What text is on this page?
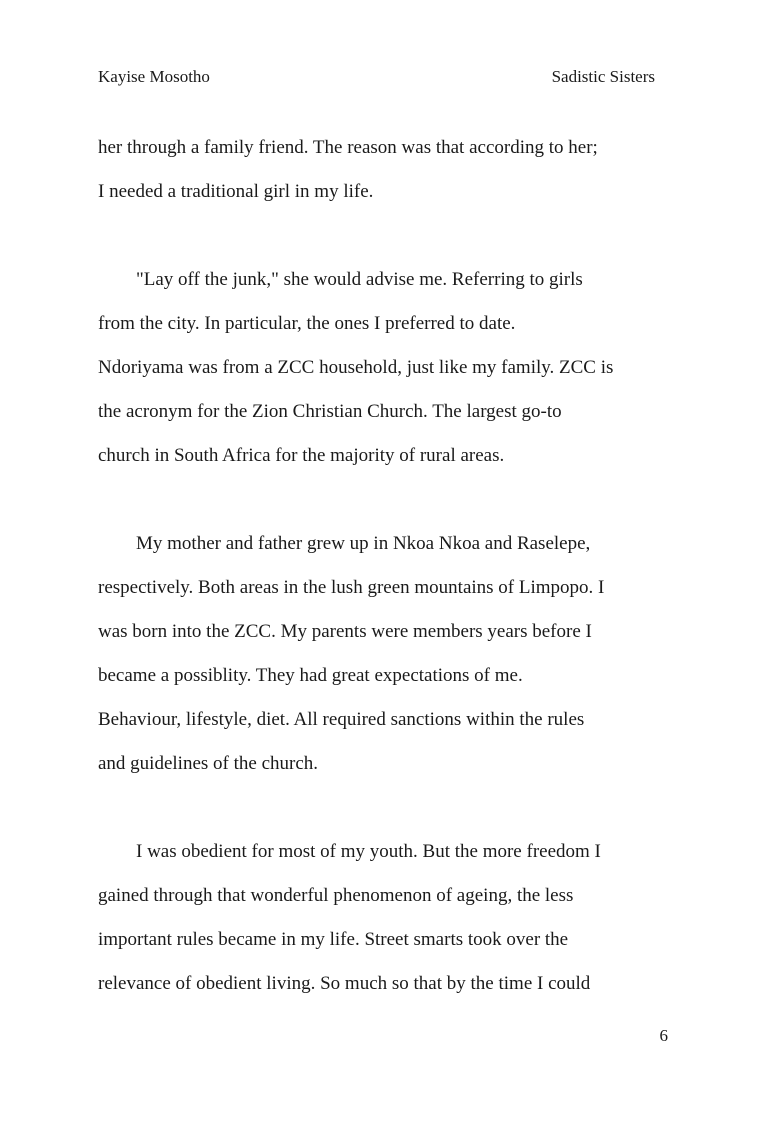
Kayise Mosotho	Sadistic Sisters
her through a family friend. The reason was that according to her;
I needed a traditional girl in my life.
"Lay off the junk," she would advise me. Referring to girls
from the city. In particular, the ones I preferred to date.
Ndoriyama was from a ZCC household, just like my family. ZCC is
the acronym for the Zion Christian Church. The largest go-to
church in South Africa for the majority of rural areas.
My mother and father grew up in Nkoa Nkoa and Raselepe,
respectively. Both areas in the lush green mountains of Limpopo. I
was born into the ZCC. My parents were members years before I
became a possiblity. They had great expectations of me.
Behaviour, lifestyle, diet. All required sanctions within the rules
and guidelines of the church.
I was obedient for most of my youth. But the more freedom I
gained through that wonderful phenomenon of ageing, the less
important rules became in my life. Street smarts took over the
relevance of obedient living. So much so that by the time I could
6
